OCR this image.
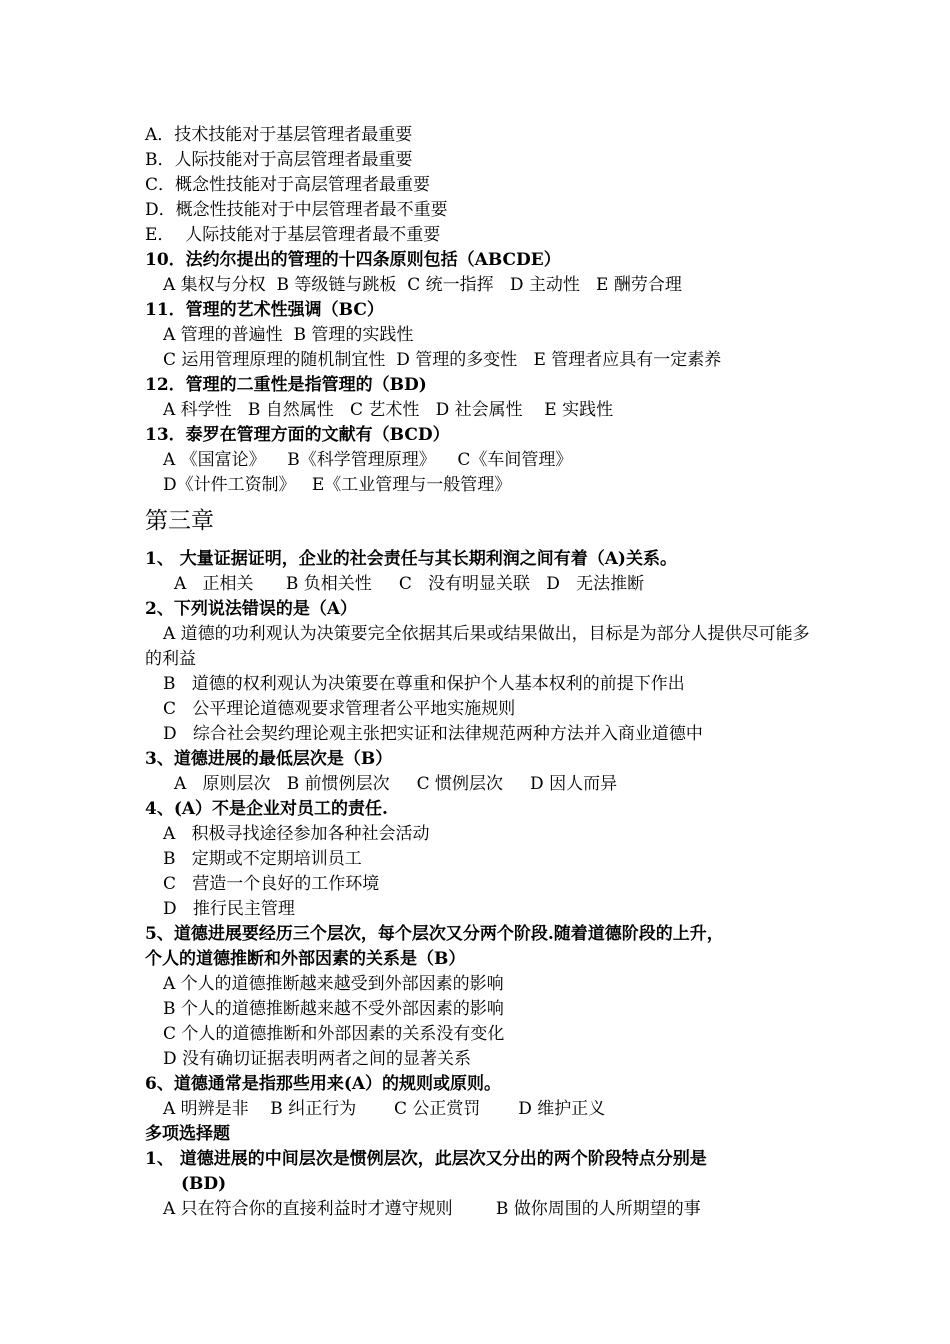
A．技术技能对于基层管理者最重要
B．人际技能对于高层管理者最重要
C．概念性技能对于高层管理者最重要
D．概念性技能对于中层管理者最不重要
E．  人际技能对于基层管理者最不重要
10．法约尔提出的管理的十四条原则包括（ABCDE）
A 集权与分权  B 等级链与跳板  C 统一指挥   D 主动性   E 酬劳合理
11．管理的艺术性强调（BC）
A 管理的普遍性  B 管理的实践性
C 运用管理原理的随机制宜性  D 管理的多变性   E 管理者应具有一定素养
12．管理的二重性是指管理的（BD)
A 科学性   B 自然属性   C 艺术性   D 社会属性    E 实践性
13．泰罗在管理方面的文献有（BCD）
A 《国富论》    B《科学管理原理》    C《车间管理》
D《计件工资制》   E《工业管理与一般管理》
第三章
1、 大量证据证明，企业的社会责任与其长期利润之间有着（A)关系。
A   正相关      B 负相关性     C   没有明显关联   D   无法推断
2、下列说法错误的是（A）
A 道德的功利观认为决策要完全依据其后果或结果做出，目标是为部分人提供尽可能多的利益
B   道德的权利观认为决策要在尊重和保护个人基本权利的前提下作出
C   公平理论道德观要求管理者公平地实施规则
D   综合社会契约理论观主张把实证和法律规范两种方法并入商业道德中
3、道德进展的最低层次是（B）
A   原则层次   B 前惯例层次     C 惯例层次     D 因人而异
4、(A）不是企业对员工的责任.
A   积极寻找途径参加各种社会活动
B   定期或不定期培训员工
C   营造一个良好的工作环境
D   推行民主管理
5、道德进展要经历三个层次，每个层次又分两个阶段.随着道德阶段的上升，
个人的道德推断和外部因素的关系是（B）
A 个人的道德推断越来越受到外部因素的影响
B 个人的道德推断越来越不受外部因素的影响
C 个人的道德推断和外部因素的关系没有变化
D 没有确切证据表明两者之间的显著关系
6、道德通常是指那些用来(A）的规则或原则。
A 明辨是非    B 纠正行为       C 公正赏罚       D 维护正义
多项选择题
1、 道德进展的中间层次是惯例层次，此层次又分出的两个阶段特点分别是
(BD)
A 只在符合你的直接利益时才遵守规则        B 做你周围的人所期望的事
